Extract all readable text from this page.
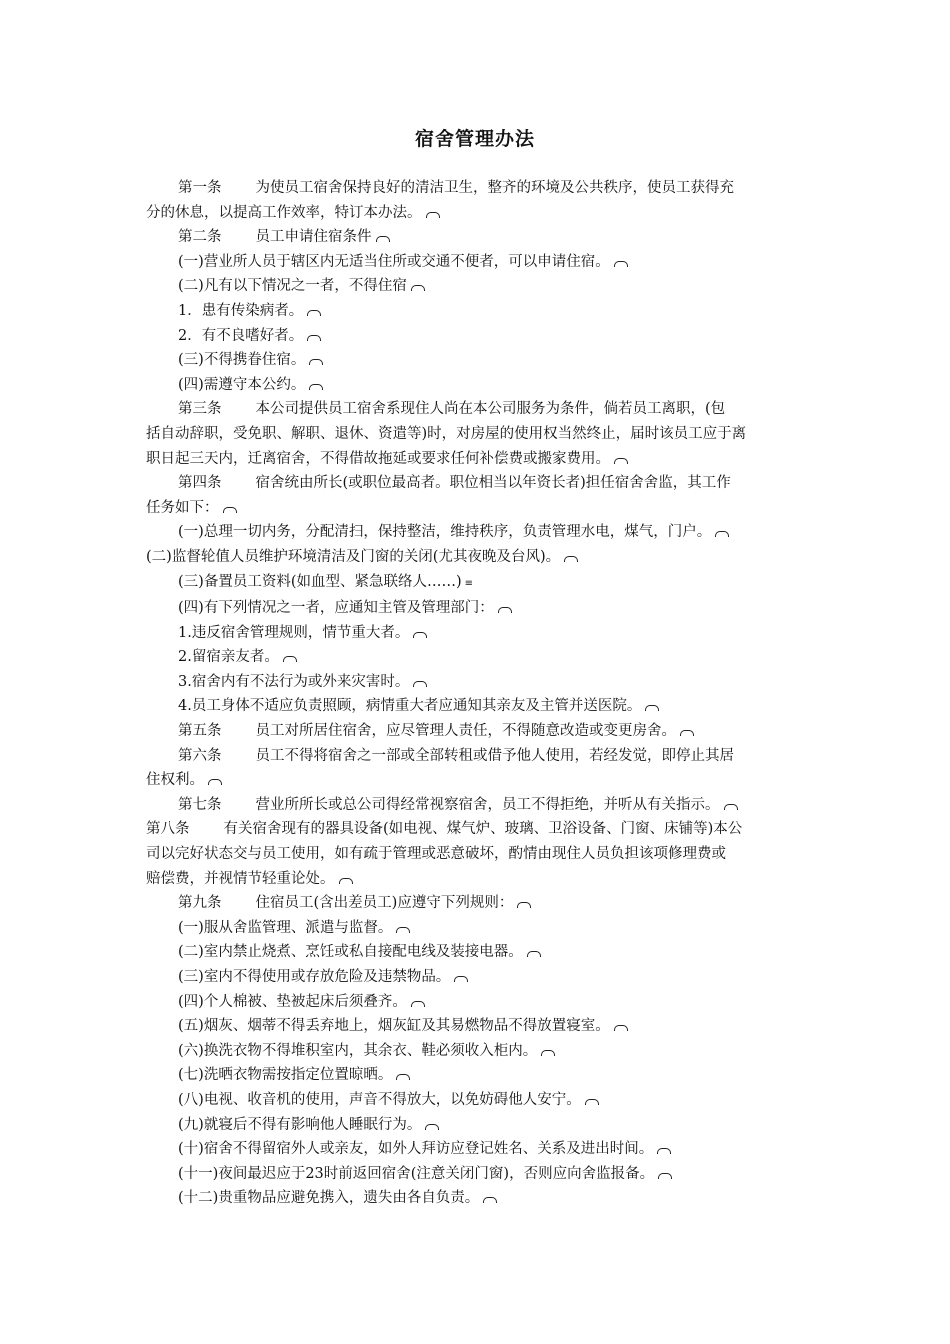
宿舍管理办法
第一条 为使员工宿舍保持良好的清洁卫生，整齐的环境及公共秩序，使员工获得充
分的休息，以提高工作效率，特订本办法。
第二条 员工申请住宿条件
(一)营业所人员于辖区内无适当住所或交通不便者，可以申请住宿。
(二)凡有以下情况之一者，不得住宿
1．患有传染病者。
2．有不良嗜好者。
(三)不得携眷住宿。
(四)需遵守本公约。
第三条 本公司提供员工宿舍系现住人尚在本公司服务为条件，倘若员工离职，(包
括自动辞职，受免职、解职、退休、资遣等)时，对房屋的使用权当然终止，届时该员工应于离
职日起三天内，迁离宿舍，不得借故拖延或要求任何补偿费或搬家费用。
第四条 宿舍统由所长(或职位最高者。职位相当以年资长者)担任宿舍舍监，其工作
任务如下：
(一)总理一切内务，分配清扫，保持整洁，维持秩序，负责管理水电，煤气，门户。
(二)监督轮值人员维护环境清洁及门窗的关闭(尤其夜晚及台风)。
(三)备置员工资料(如血型、紧急联络人……) ≡
(四)有下列情况之一者，应通知主管及管理部门：
1.违反宿舍管理规则，情节重大者。
2.留宿亲友者。
3.宿舍内有不法行为或外来灾害时。
4.员工身体不适应负责照顾，病情重大者应通知其亲友及主管并送医院。
第五条 员工对所居住宿舍，应尽管理人责任，不得随意改造或变更房舍。
第六条 员工不得将宿舍之一部或全部转租或借予他人使用，若经发觉，即停止其居
住权利。
第七条 营业所所长或总公司得经常视察宿舍，员工不得拒绝，并听从有关指示。
第八条 有关宿舍现有的器具设备(如电视、煤气炉、玻璃、卫浴设备、门窗、床铺等)本公
司以完好状态交与员工使用，如有疏于管理或恶意破坏，酌情由现住人员负担该项修理费或
赔偿费，并视情节轻重论处。
第九条 住宿员工(含出差员工)应遵守下列规则：
(一)服从舍监管理、派遣与监督。
(二)室内禁止烧煮、烹饪或私自接配电线及装接电器。
(三)室内不得使用或存放危险及违禁物品。
(四)个人棉被、垫被起床后须叠齐。
(五)烟灰、烟蒂不得丢弃地上，烟灰缸及其易燃物品不得放置寝室。
(六)换洗衣物不得堆积室内，其余衣、鞋必须收入柜内。
(七)洗晒衣物需按指定位置晾晒。
(八)电视、收音机的使用，声音不得放大，以免妨碍他人安宁。
(九)就寝后不得有影响他人睡眠行为。
(十)宿舍不得留宿外人或亲友，如外人拜访应登记姓名、关系及进出时间。
(十一)夜间最迟应于23时前返回宿舍(注意关闭门窗)，否则应向舍监报备。
(十二)贵重物品应避免携入，遗失由各自负责。
